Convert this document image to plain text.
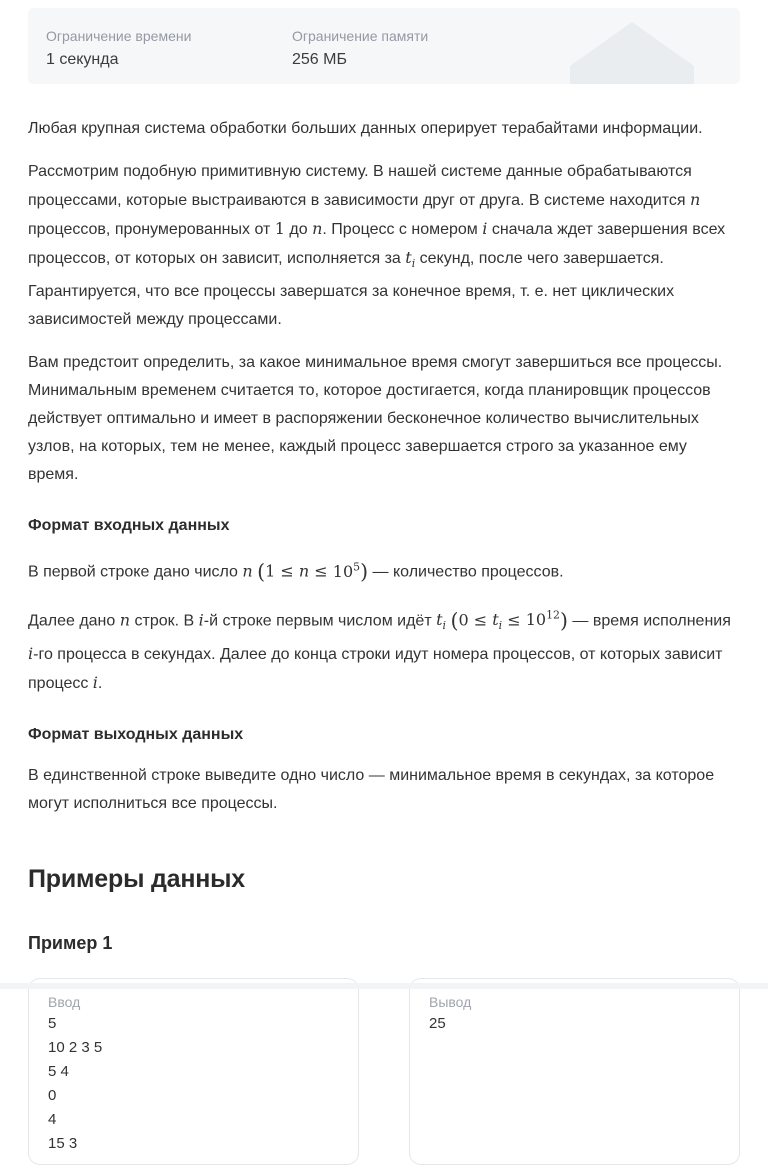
Ограничение времени
1 секунда
Ограничение памяти
256 МБ

Любая крупная система обработки больших данных оперирует терабайтами информации.

Рассмотрим подобную примитивную систему. В нашей системе данные обрабатываются процессами, которые выстраиваются в зависимости друг от друга. В системе находится n процессов, пронумерованных от 1 до n. Процесс с номером i сначала ждет завершения всех процессов, от которых он зависит, исполняется за $t_i$ секунд, после чего завершается. Гарантируется, что все процессы завершатся за конечное время, т. е. нет циклических зависимостей между процессами.

Вам предстоит определить, за какое минимальное время смогут завершиться все процессы. Минимальным временем считается то, которое достигается, когда планировщик процессов действует оптимально и имеет в распоряжении бесконечное количество вычислительных узлов, на которых, тем не менее, каждый процесс завершается строго за указанное ему время.

Формат входных данных

В первой строке дано число n $(1 \le n \le 10^5)$ — количество процессов.

Далее дано n строк. В i-й строке первым числом идёт $t_i$ $(0 \le t_i \le 10^{12})$ — время исполнения i-го процесса в секундах. Далее до конца строки идут номера процессов, от которых зависит процесс i.

Формат выходных данных

В единственной строке выведите одно число — минимальное время в секундах, за которое могут исполниться все процессы.

Примеры данных
Пример 1
Ввод
5
10 2 3 5
5 4
0
4
15 3
Вывод
25
